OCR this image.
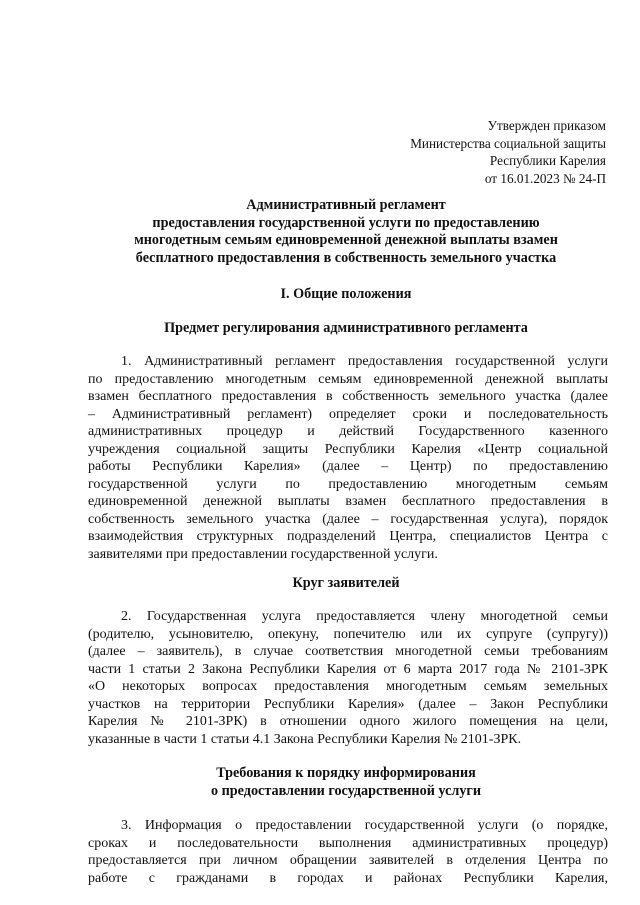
Утвержден приказом
Министерства социальной защиты
Республики Карелия
от 16.01.2023 № 24-П
Административный регламент
предоставления государственной услуги по предоставлению
многодетным семьям единовременной денежной выплаты взамен
бесплатного предоставления в собственность земельного участка
I. Общие положения
Предмет регулирования административного регламента
1. Административный регламент предоставления государственной услуги
по предоставлению многодетным семьям единовременной денежной выплаты
взамен бесплатного предоставления в собственность земельного участка (далее
– Административный регламент) определяет сроки и последовательность
административных процедур и действий Государственного казенного
учреждения социальной защиты Республики Карелия «Центр социальной
работы Республики Карелия» (далее – Центр) по предоставлению
государственной услуги по предоставлению многодетным семьям
единовременной денежной выплаты взамен бесплатного предоставления в
собственность земельного участка (далее – государственная услуга), порядок
взаимодействия структурных подразделений Центра, специалистов Центра с
заявителями при предоставлении государственной услуги.
Круг заявителей
2. Государственная услуга предоставляется члену многодетной семьи
(родителю, усыновителю, опекуну, попечителю или их супруге (супругу))
(далее – заявитель), в случае соответствия многодетной семьи требованиям
части 1 статьи 2 Закона Республики Карелия от 6 марта 2017 года № 2101-ЗРК
«О некоторых вопросах предоставления многодетным семьям земельных
участков на территории Республики Карелия» (далее – Закон Республики
Карелия № 2101-ЗРК) в отношении одного жилого помещения на цели,
указанные в части 1 статьи 4.1 Закона Республики Карелия № 2101-ЗРК.
Требования к порядку информирования
о предоставлении государственной услуги
3. Информация о предоставлении государственной услуги (о порядке,
сроках и последовательности выполнения административных процедур)
предоставляется при личном обращении заявителей в отделения Центра по
работе с гражданами в городах и районах Республики Карелия,
